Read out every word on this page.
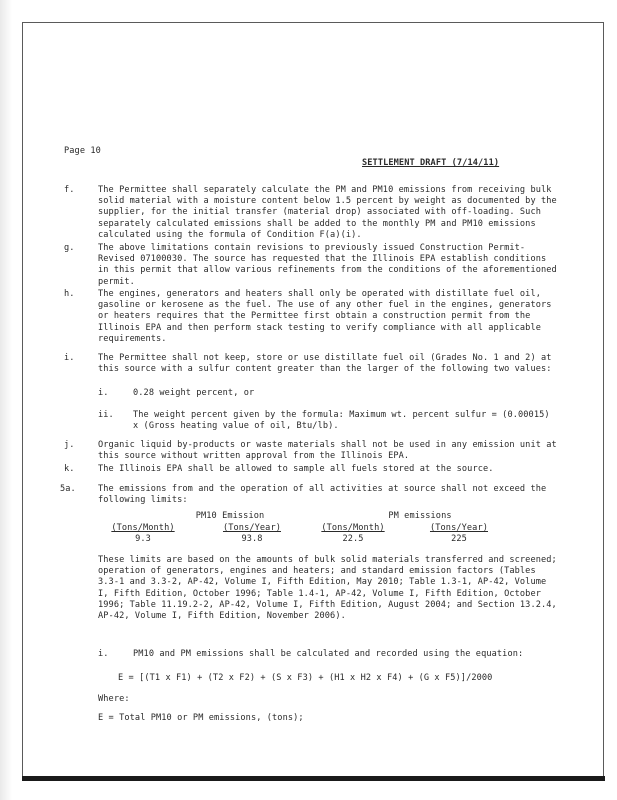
Page 10

SETTLEMENT DRAFT (7/14/11)

f.	The Permittee shall separately calculate the PM and PM10 emissions from receiving bulk solid material with a moisture content below 1.5 percent by weight as documented by the supplier, for the initial transfer (material drop) associated with off-loading. Such separately calculated emissions shall be added to the monthly PM and PM10 emissions calculated using the formula of Condition F(a)(i).
g.	The above limitations contain revisions to previously issued Construction Permit-Revised 07100030. The source has requested that the Illinois EPA establish conditions in this permit that allow various refinements from the conditions of the aforementioned permit.
h.	The engines, generators and heaters shall only be operated with distillate fuel oil, gasoline or kerosene as the fuel. The use of any other fuel in the engines, generators or heaters requires that the Permittee first obtain a construction permit from the Illinois EPA and then perform stack testing to verify compliance with all applicable requirements.
i.	The Permittee shall not keep, store or use distillate fuel oil (Grades No. 1 and 2) at this source with a sulfur content greater than the larger of the following two values:
i.	0.28 weight percent, or
ii.	The weight percent given by the formula: Maximum wt. percent sulfur = (0.00015) x (Gross heating value of oil, Btu/lb).
j.	Organic liquid by-products or waste materials shall not be used in any emission unit at this source without written approval from the Illinois EPA.
k.	The Illinois EPA shall be allowed to sample all fuels stored at the source.
5a.	The emissions from and the operation of all activities at source shall not exceed the following limits:
PM10 Emission	PM emissions
(Tons/Month)	(Tons/Year)	(Tons/Month)	(Tons/Year)
9.3	93.8	22.5	225
These limits are based on the amounts of bulk solid materials transferred and screened; operation of generators, engines and heaters; and standard emission factors (Tables 3.3-1 and 3.3-2, AP-42, Volume I, Fifth Edition, May 2010; Table 1.3-1, AP-42, Volume I, Fifth Edition, October 1996; Table 1.4-1, AP-42, Volume I, Fifth Edition, October 1996; Table 11.19.2-2, AP-42, Volume I, Fifth Edition, August 2004; and Section 13.2.4, AP-42, Volume I, Fifth Edition, November 2006).
i.	PM10 and PM emissions shall be calculated and recorded using the equation:
E = [(T1 x F1) + (T2 x F2) + (S x F3) + (H1 x H2 x F4) + (G x F5)]/2000
Where:
E = Total PM10 or PM emissions, (tons);
